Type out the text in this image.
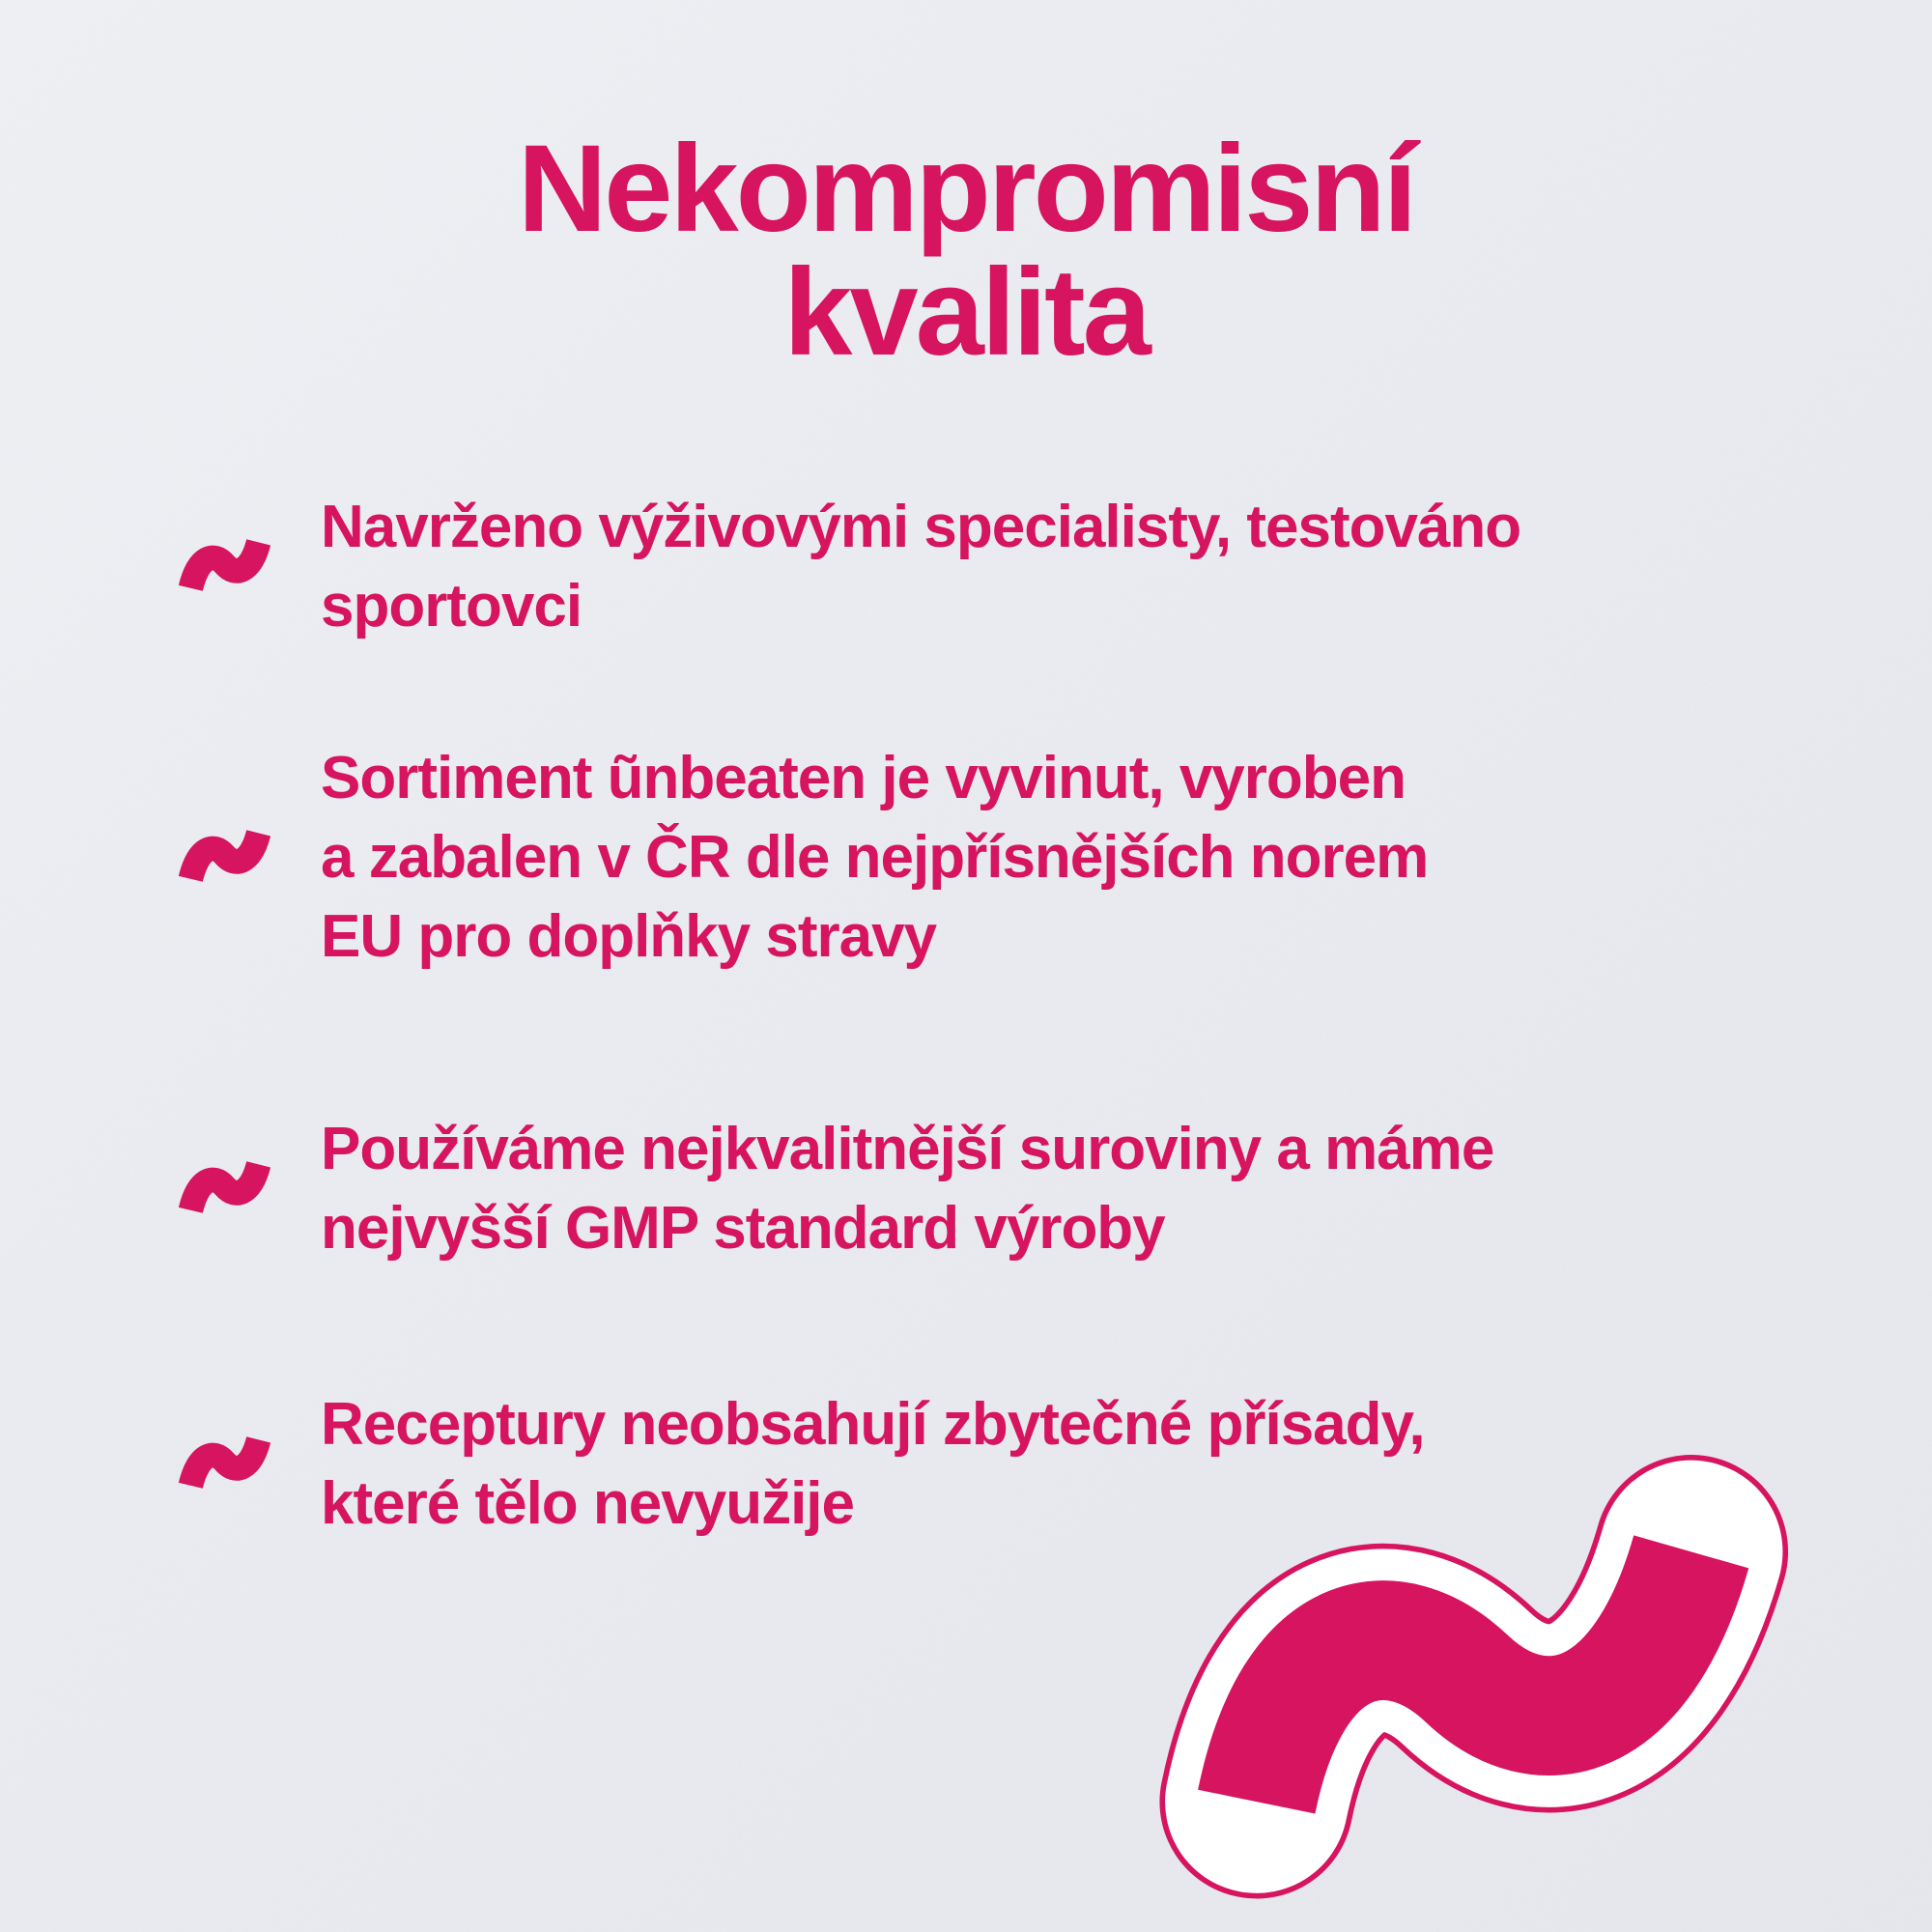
Nekompromisní
kvalita
Navrženo výživovými specialisty, testováno
sportovci
Sortiment ũnbeaten je vyvinut, vyroben
a zabalen v ČR dle nejpřísnějších norem
EU pro doplňky stravy
Používáme nejkvalitnější suroviny a máme
nejvyšší GMP standard výroby
Receptury neobsahují zbytečné přísady,
které tělo nevyužije
